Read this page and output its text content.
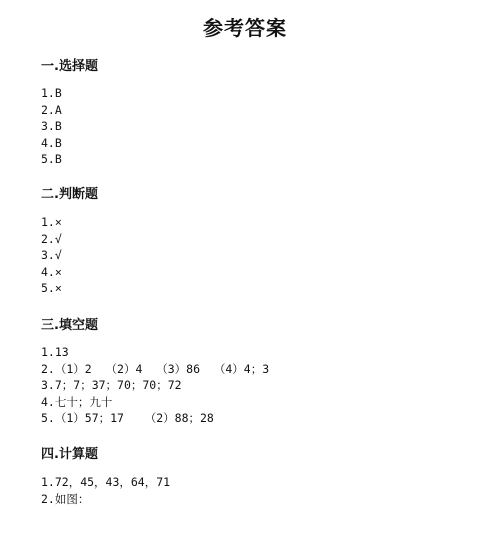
参考答案
一.选择题
1.B
2.A
3.B
4.B
5.B
二.判断题
1.×
2.√
3.√
4.×
5.×
三.填空题
1.13
2.（1）2  （2）4  （3）86  （4）4；3
3.7；7；37；70；70；72
4.七十；九十
5.（1）57；17   （2）88；28
四.计算题
1.72，45，43，64，71
2.如图：
